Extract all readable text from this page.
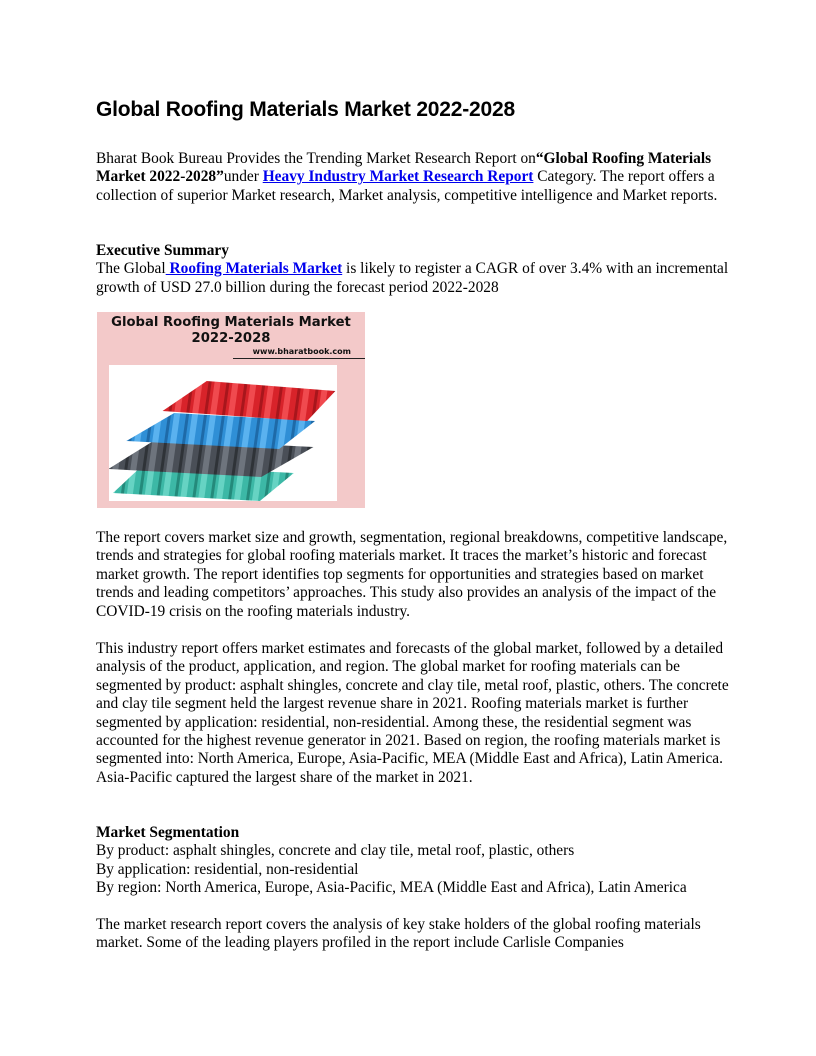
Global Roofing Materials Market 2022-2028

Bharat Book Bureau Provides the Trending Market Research Report on“Global Roofing Materials Market 2022-2028”under Heavy Industry Market Research Report Category. The report offers a collection of superior Market research, Market analysis, competitive intelligence and Market reports.

Executive Summary
The Global Roofing Materials Market is likely to register a CAGR of over 3.4% with an incremental growth of USD 27.0 billion during the forecast period 2022-2028

Global Roofing Materials Market
2022-2028
www.bharatbook.com

The report covers market size and growth, segmentation, regional breakdowns, competitive landscape, trends and strategies for global roofing materials market. It traces the market’s historic and forecast market growth. The report identifies top segments for opportunities and strategies based on market trends and leading competitors’ approaches. This study also provides an analysis of the impact of the COVID-19 crisis on the roofing materials industry.

This industry report offers market estimates and forecasts of the global market, followed by a detailed analysis of the product, application, and region. The global market for roofing materials can be segmented by product: asphalt shingles, concrete and clay tile, metal roof, plastic, others. The concrete and clay tile segment held the largest revenue share in 2021. Roofing materials market is further segmented by application: residential, non-residential. Among these, the residential segment was accounted for the highest revenue generator in 2021. Based on region, the roofing materials market is segmented into: North America, Europe, Asia-Pacific, MEA (Middle East and Africa), Latin America. Asia-Pacific captured the largest share of the market in 2021.

Market Segmentation
By product: asphalt shingles, concrete and clay tile, metal roof, plastic, others
By application: residential, non-residential
By region: North America, Europe, Asia-Pacific, MEA (Middle East and Africa), Latin America

The market research report covers the analysis of key stake holders of the global roofing materials market. Some of the leading players profiled in the report include Carlisle Companies
